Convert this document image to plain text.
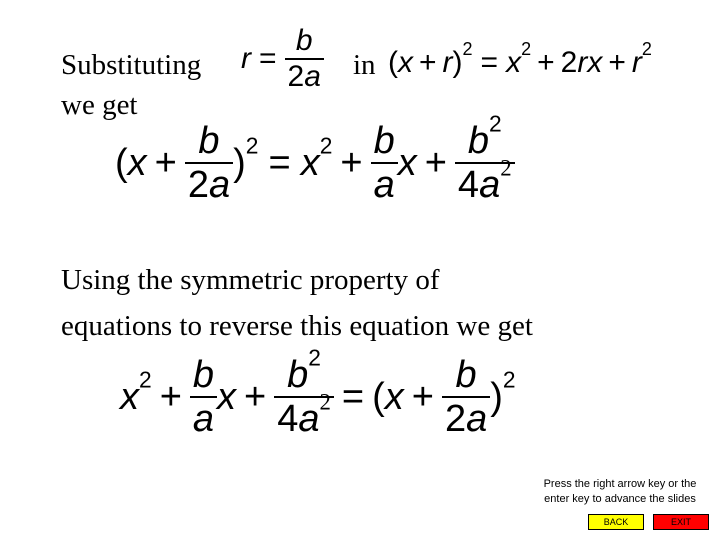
Substituting
we get
$r = \frac{b}{2a}$ in ( x + r )$^2 = x^2 + 2rx + r^2$
( $x + \frac{b}{2a} )^2 = x^2 + \frac{b}{a}$ $x + \frac{b^2}{4a^2}$
Using the symmetric property of
equations to reverse this equation we get
$x^2 + \frac{b}{a}$ $x + \frac{b^2}{4a^2}$ = ( $x + \frac{b}{2a} )^2$
Press the right arrow key or the
enter key to advance the slides
BACK	EXIT
